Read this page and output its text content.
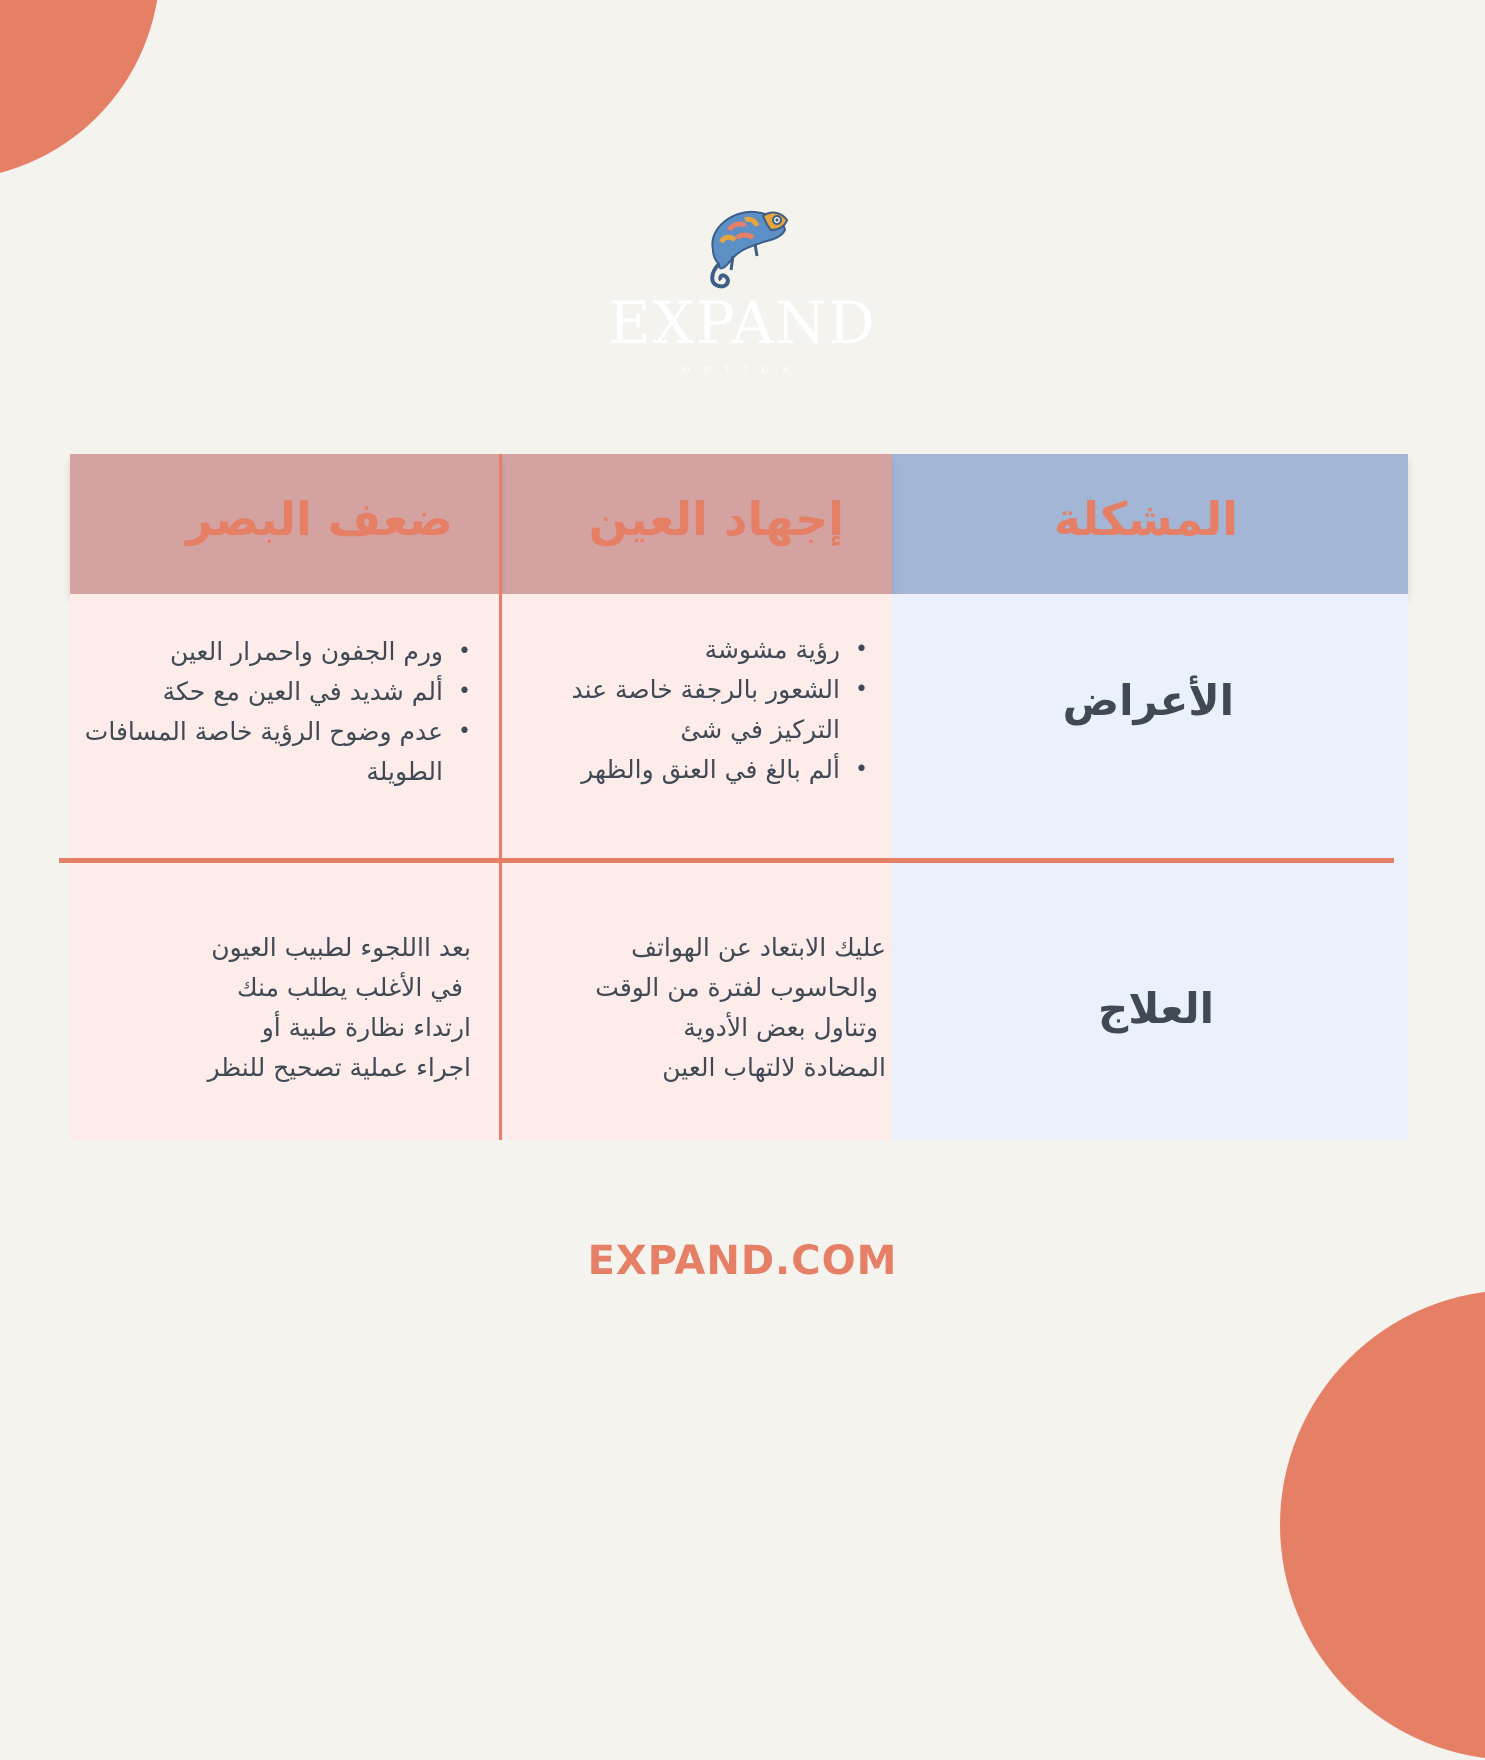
EXPAND
OPTICS
المشكلة
إجهاد العين
ضعف البصر
الأعراض
• رؤية مشوشة
• الشعور بالرجفة خاصة عند التركيز في شئ
• ألم بالغ في العنق والظهر
• ورم الجفون واحمرار العين
• ألم شديد في العين مع حكة
• عدم وضوح الرؤية خاصة المسافات الطويلة
العلاج
عليك الابتعاد عن الهواتف
والحاسوب لفترة من الوقت
وتناول بعض الأدوية
المضادة لالتهاب العين
بعد االلجوء لطبيب العيون
في الأغلب يطلب منك
ارتداء نظارة طبية أو
اجراء عملية تصحيح للنظر
EXPAND.COM
